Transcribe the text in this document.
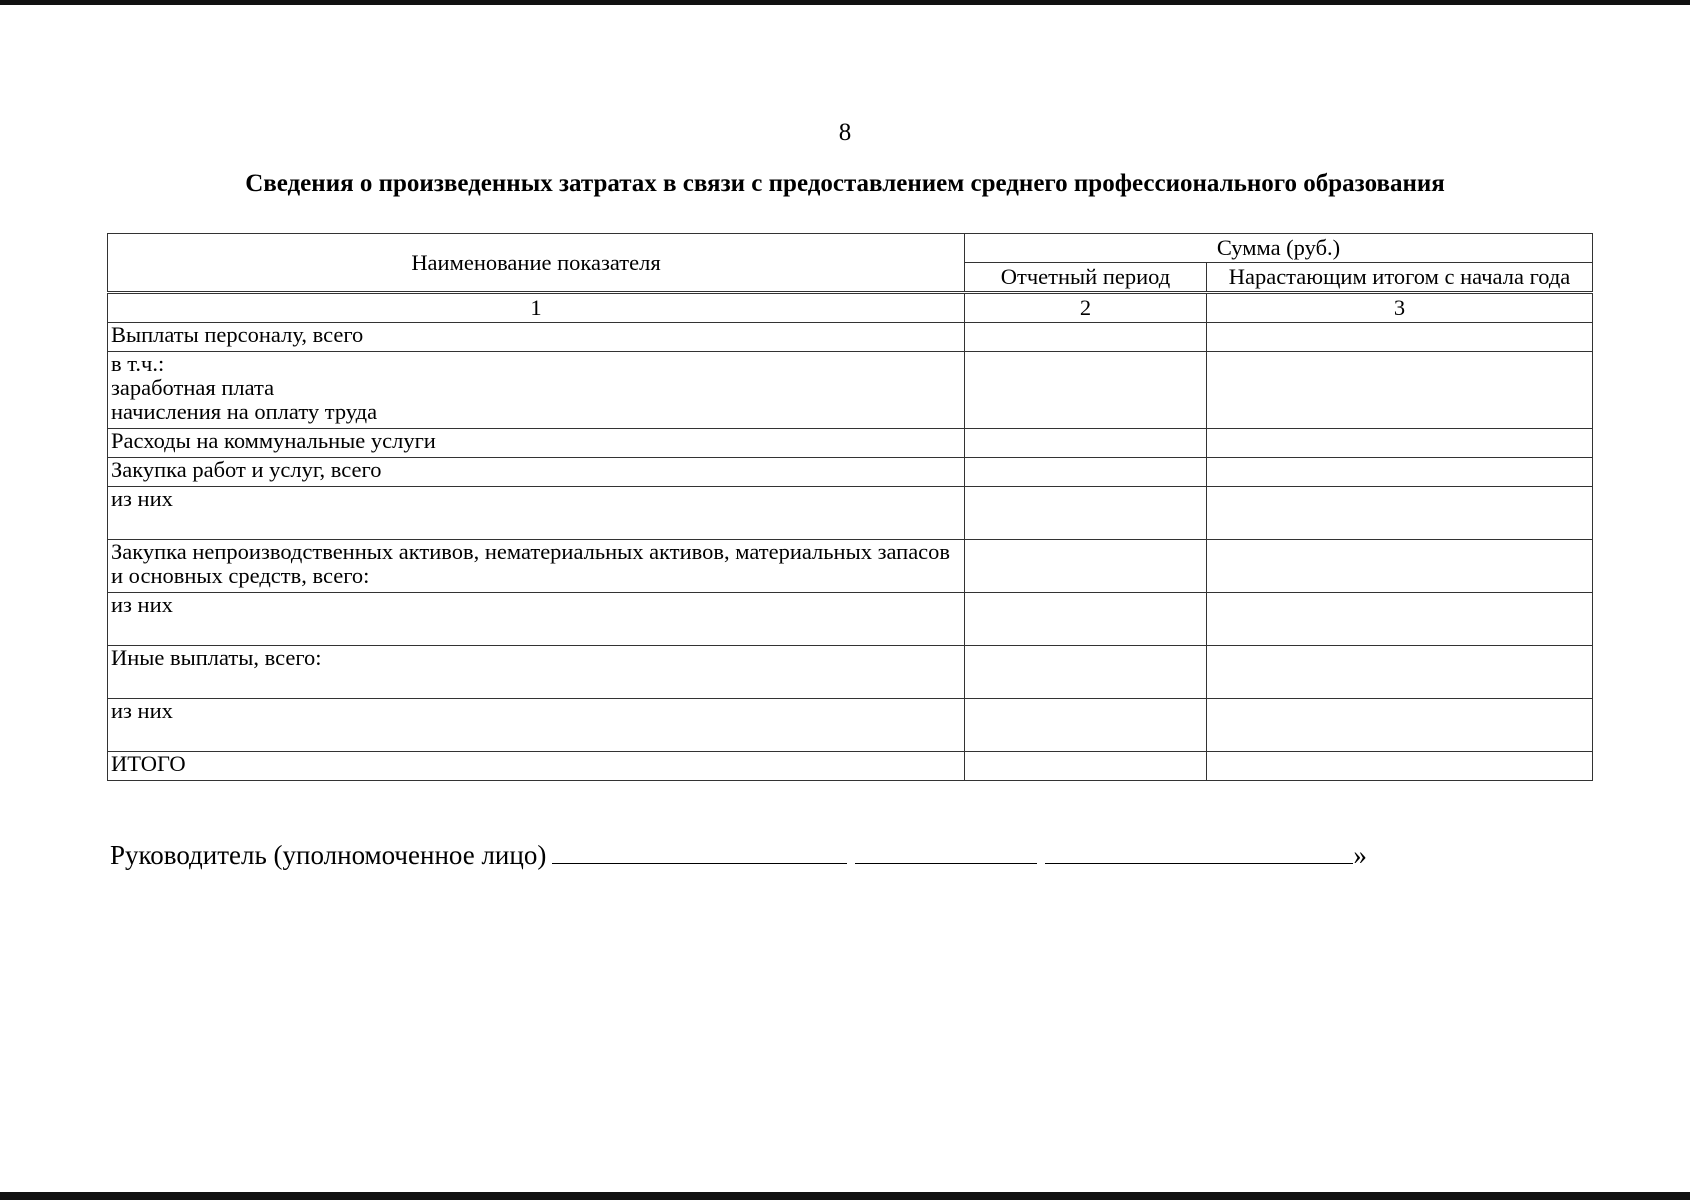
8
Сведения о произведенных затратах в связи с предоставлением среднего профессионального образования
Наименование показателя	Сумма (руб.)	
	Отчетный период	Нарастающим итогом с начала года

1	2	3
Выплаты персоналу, всего		

в т.ч.:
заработная плата
начисления на оплату труда		

Расходы на коммунальные услуги		
Закупка работ и услуг, всего		
из них		
Закупка непроизводственных активов, нематериальных активов, материальных запасов и основных средств, всего:		
из них		
Иные выплаты, всего:		
из них		
ИТОГО		
Руководитель (уполномоченное лицо)	»
